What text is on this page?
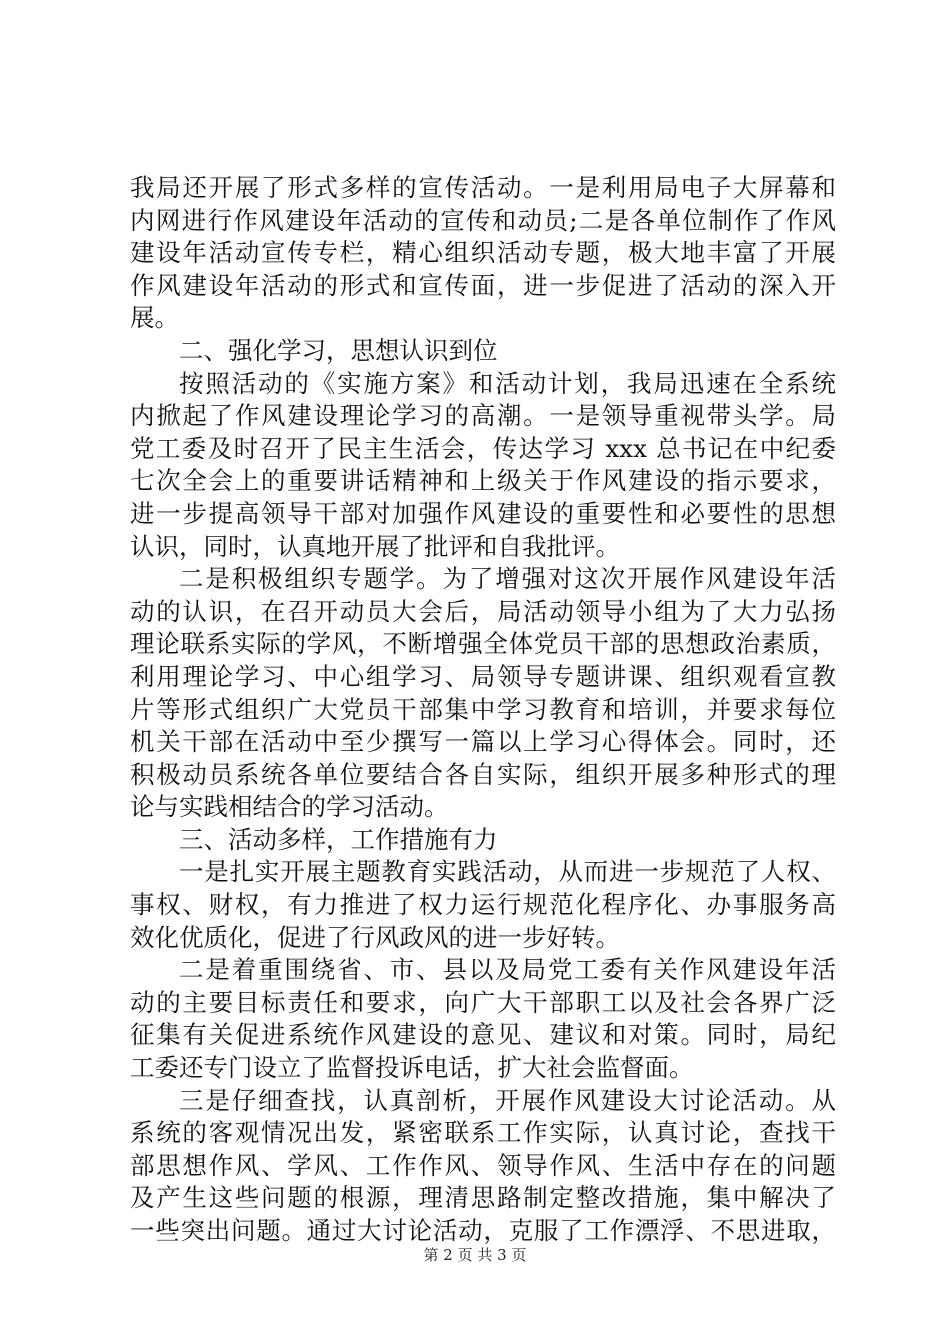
我局还开展了形式多样的宣传活动。一是利用局电子大屏幕和
内网进行作风建设年活动的宣传和动员;二是各单位制作了作风
建设年活动宣传专栏，精心组织活动专题，极大地丰富了开展
作风建设年活动的形式和宣传面，进一步促进了活动的深入开
展。

二、强化学习，思想认识到位

按照活动的《实施方案》和活动计划，我局迅速在全系统
内掀起了作风建设理论学习的高潮。一是领导重视带头学。局
党工委及时召开了民主生活会，传达学习 xxx 总书记在中纪委
七次全会上的重要讲话精神和上级关于作风建设的指示要求，
进一步提高领导干部对加强作风建设的重要性和必要性的思想
认识，同时，认真地开展了批评和自我批评。

二是积极组织专题学。为了增强对这次开展作风建设年活
动的认识，在召开动员大会后，局活动领导小组为了大力弘扬
理论联系实际的学风，不断增强全体党员干部的思想政治素质，
利用理论学习、中心组学习、局领导专题讲课、组织观看宣教
片等形式组织广大党员干部集中学习教育和培训，并要求每位
机关干部在活动中至少撰写一篇以上学习心得体会。同时，还
积极动员系统各单位要结合各自实际，组织开展多种形式的理
论与实践相结合的学习活动。

三、活动多样，工作措施有力

一是扎实开展主题教育实践活动，从而进一步规范了人权、
事权、财权，有力推进了权力运行规范化程序化、办事服务高
效化优质化，促进了行风政风的进一步好转。

二是着重围绕省、市、县以及局党工委有关作风建设年活
动的主要目标责任和要求，向广大干部职工以及社会各界广泛
征集有关促进系统作风建设的意见、建议和对策。同时，局纪
工委还专门设立了监督投诉电话，扩大社会监督面。

三是仔细查找，认真剖析，开展作风建设大讨论活动。从
系统的客观情况出发，紧密联系工作实际，认真讨论，查找干
部思想作风、学风、工作作风、领导作风、生活中存在的问题
及产生这些问题的根源，理清思路制定整改措施，集中解决了
一些突出问题。通过大讨论活动，克服了工作漂浮、不思进取，

第 2 页 共 3 页
